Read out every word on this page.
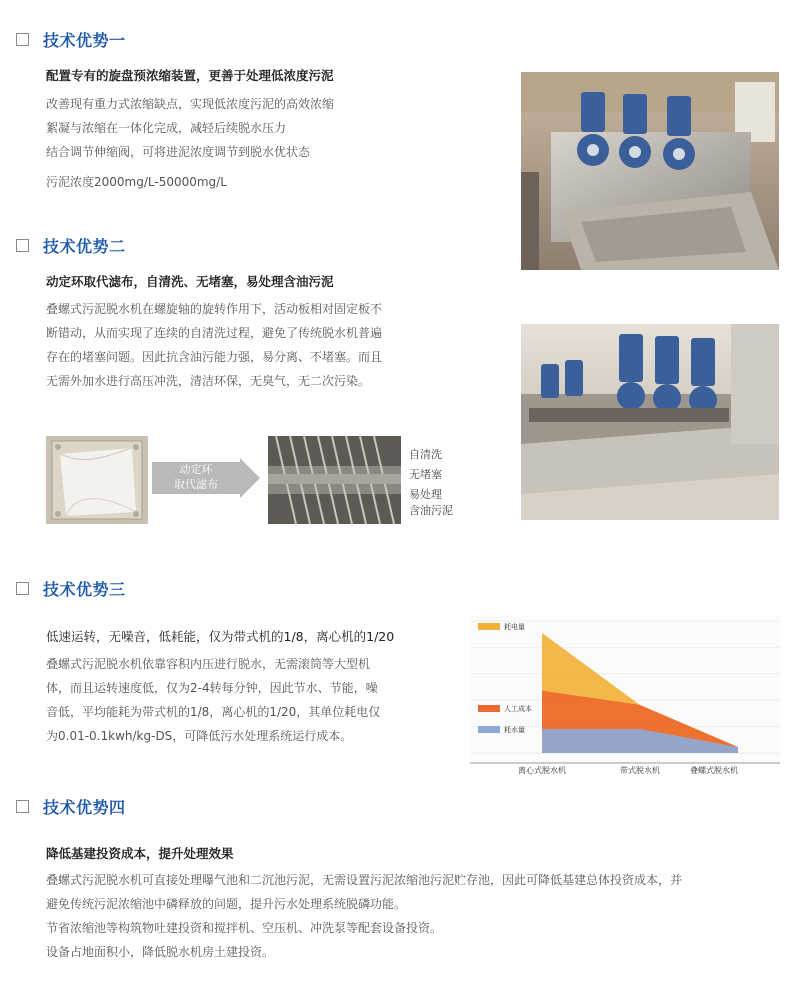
技术优势一
配置专有的旋盘预浓缩装置，更善于处理低浓度污泥
改善现有重力式浓缩缺点，实现低浓度污泥的高效浓缩
絮凝与浓缩在一体化完成，减轻后续脱水压力
结合调节伸缩阀，可将进泥浓度调节到脱水优状态
污泥浓度2000mg/L-50000mg/L
技术优势二
动定环取代滤布，自清洗、无堵塞，易处理含油污泥
叠螺式污泥脱水机在螺旋轴的旋转作用下，活动板相对固定板不
断错动，从而实现了连续的自清洗过程，避免了传统脱水机普遍
存在的堵塞问题。因此抗含油污能力强，易分离、不堵塞。而且
无需外加水进行高压冲洗，清洁环保，无臭气，无二次污染。
动定环
取代滤布
自清洗
无堵塞
易处理
含油污泥
技术优势三
低速运转，无噪音，低耗能，仅为带式机的1/8，离心机的1/20
叠螺式污泥脱水机依靠容积内压进行脱水，无需滚筒等大型机
体，而且运转速度低，仅为2-4转每分钟，因此节水、节能，噪
音低，平均能耗为带式机的1/8，离心机的1/20，其单位耗电仅
为0.01-0.1kwh/kg-DS，可降低污水处理系统运行成本。
离心式脱水机	带式脱水机	叠螺式脱水机
耗电量
人工成本
耗水量
技术优势四
降低基建投资成本，提升处理效果
叠螺式污泥脱水机可直接处理曝气池和二沉池污泥，无需设置污泥浓缩池污泥贮存池，因此可降低基建总体投资成本，并
避免传统污泥浓缩池中磷释放的问题，提升污水处理系统脱磷功能。
节省浓缩池等构筑物吐建投资和搅拌机、空压机、冲洗泵等配套设备投资。
设备占地面积小，降低脱水机房土建投资。
